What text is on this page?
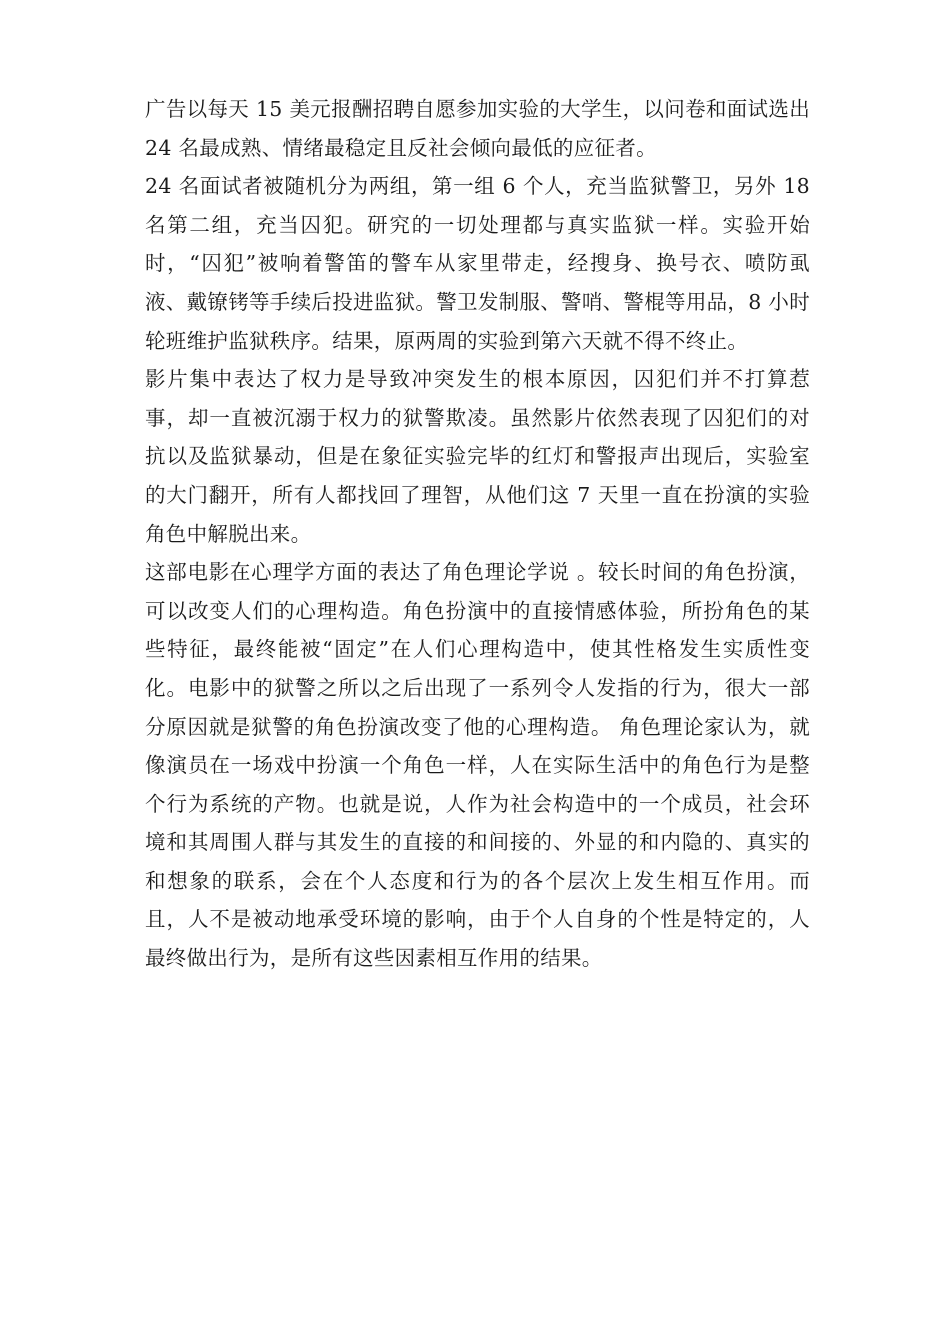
广告以每天 15 美元报酬招聘自愿参加实验的大学生，以问卷和面试选出 24 名最成熟、情绪最稳定且反社会倾向最低的应征者。

24 名面试者被随机分为两组，第一组 6 个人，充当监狱警卫，另外 18 名第二组，充当囚犯。研究的一切处理都与真实监狱一样。实验开始时，“囚犯”被响着警笛的警车从家里带走，经搜身、换号衣、喷防虱液、戴镣铐等手续后投进监狱。警卫发制服、警哨、警棍等用品，8 小时轮班维护监狱秩序。结果，原两周的实验到第六天就不得不终止。

影片集中表达了权力是导致冲突发生的根本原因，囚犯们并不打算惹事，却一直被沉溺于权力的狱警欺凌。虽然影片依然表现了囚犯们的对抗以及监狱暴动，但是在象征实验完毕的红灯和警报声出现后，实验室的大门翻开，所有人都找回了理智，从他们这 7 天里一直在扮演的实验角色中解脱出来。

这部电影在心理学方面的表达了角色理论学说 。较长时间的角色扮演，可以改变人们的心理构造。角色扮演中的直接情感体验，所扮角色的某些特征，最终能被“固定”在人们心理构造中，使其性格发生实质性变化。电影中的狱警之所以之后出现了一系列令人发指的行为，很大一部分原因就是狱警的角色扮演改变了他的心理构造。 角色理论家认为，就像演员在一场戏中扮演一个角色一样，人在实际生活中的角色行为是整个行为系统的产物。也就是说，人作为社会构造中的一个成员，社会环境和其周围人群与其发生的直接的和间接的、外显的和内隐的、真实的和想象的联系，会在个人态度和行为的各个层次上发生相互作用。而且，人不是被动地承受环境的影响，由于个人自身的个性是特定的，人最终做出行为，是所有这些因素相互作用的结果。
